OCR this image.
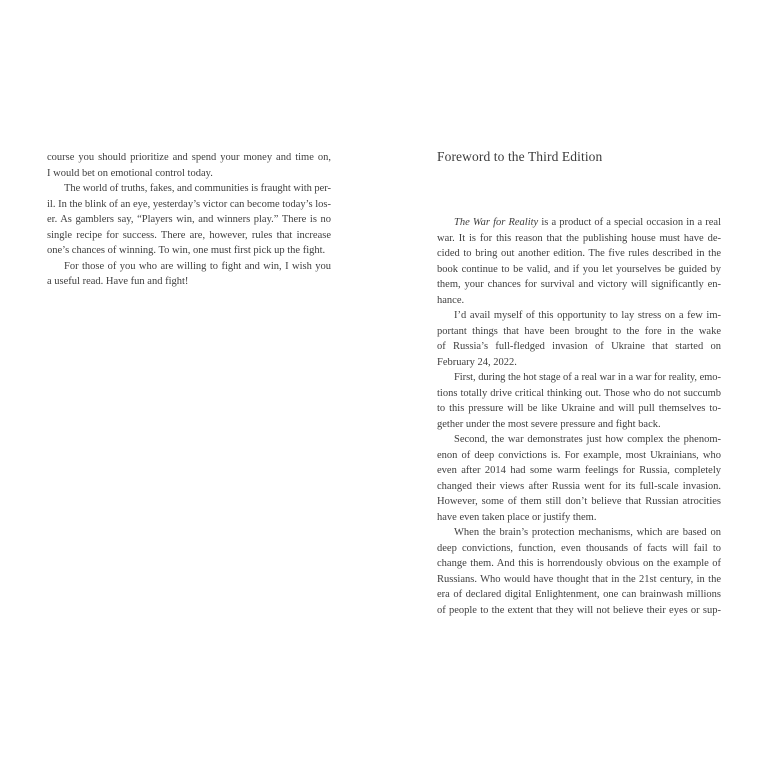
course you should prioritize and spend your money and time on,
I would bet on emotional control today.
The world of truths, fakes, and communities is fraught with per-
il. In the blink of an eye, yesterday’s victor can become today’s los-
er. As gamblers say, “Players win, and winners play.” There is no
single recipe for success. There are, however, rules that increase
one’s chances of winning. To win, one must first pick up the fight.
For those of you who are willing to fight and win, I wish you
a useful read. Have fun and fight!
Foreword to the Third Edition
The War for Reality is a product of a special occasion in a real
war. It is for this reason that the publishing house must have de-
cided to bring out another edition. The five rules described in the
book continue to be valid, and if you let yourselves be guided by
them, your chances for survival and victory will significantly en-
hance.
I’d avail myself of this opportunity to lay stress on a few im-
portant things that have been brought to the fore in the wake
of Russia’s full-fledged invasion of Ukraine that started on
February 24, 2022.
First, during the hot stage of a real war in a war for reality, emo-
tions totally drive critical thinking out. Those who do not succumb
to this pressure will be like Ukraine and will pull themselves to-
gether under the most severe pressure and fight back.
Second, the war demonstrates just how complex the phenom-
enon of deep convictions is. For example, most Ukrainians, who
even after 2014 had some warm feelings for Russia, completely
changed their views after Russia went for its full-scale invasion.
However, some of them still don’t believe that Russian atrocities
have even taken place or justify them.
When the brain’s protection mechanisms, which are based on
deep convictions, function, even thousands of facts will fail to
change them. And this is horrendously obvious on the example of
Russians. Who would have thought that in the 21st century, in the
era of declared digital Enlightenment, one can brainwash millions
of people to the extent that they will not believe their eyes or sup-
